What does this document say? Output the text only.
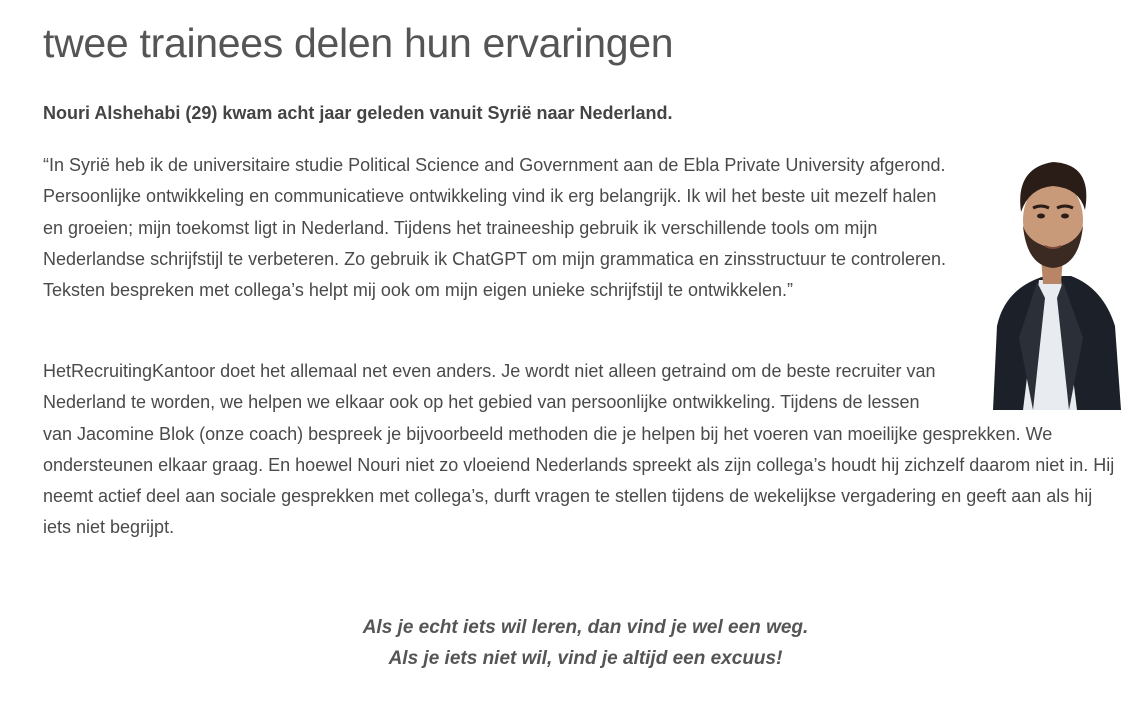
twee trainees delen hun ervaringen

Nouri Alshehabi (29) kwam acht jaar geleden vanuit Syrië naar Nederland.

“In Syrië heb ik de universitaire studie Political Science and Government aan de Ebla Private University afgerond. Persoonlijke ontwikkeling en communicatieve ontwikkeling vind ik erg belangrijk. Ik wil het beste uit mezelf halen en groeien; mijn toekomst ligt in Nederland. Tijdens het traineeship gebruik ik verschillende tools om mijn Nederlandse schrijfstijl te verbeteren. Zo gebruik ik ChatGPT om mijn grammatica en zinsstructuur te controleren. Teksten bespreken met collega’s helpt mij ook om mijn eigen unieke schrijfstijl te ontwikkelen.”

HetRecruitingKantoor doet het allemaal net even anders. Je wordt niet alleen getraind om de beste recruiter van Nederland te worden, we helpen we elkaar ook op het gebied van persoonlijke ontwikkeling. Tijdens de lessen van Jacomine Blok (onze coach) bespreek je bijvoorbeeld methoden die je helpen bij het voeren van moeilijke gesprekken. We ondersteunen elkaar graag. En hoewel Nouri niet zo vloeiend Nederlands spreekt als zijn collega’s houdt hij zichzelf daarom niet in. Hij neemt actief deel aan sociale gesprekken met collega’s, durft vragen te stellen tijdens de wekelijkse vergadering en geeft aan als hij iets niet begrijpt.

Als je echt iets wil leren, dan vind je wel een weg.
Als je iets niet wil, vind je altijd een excuus!
